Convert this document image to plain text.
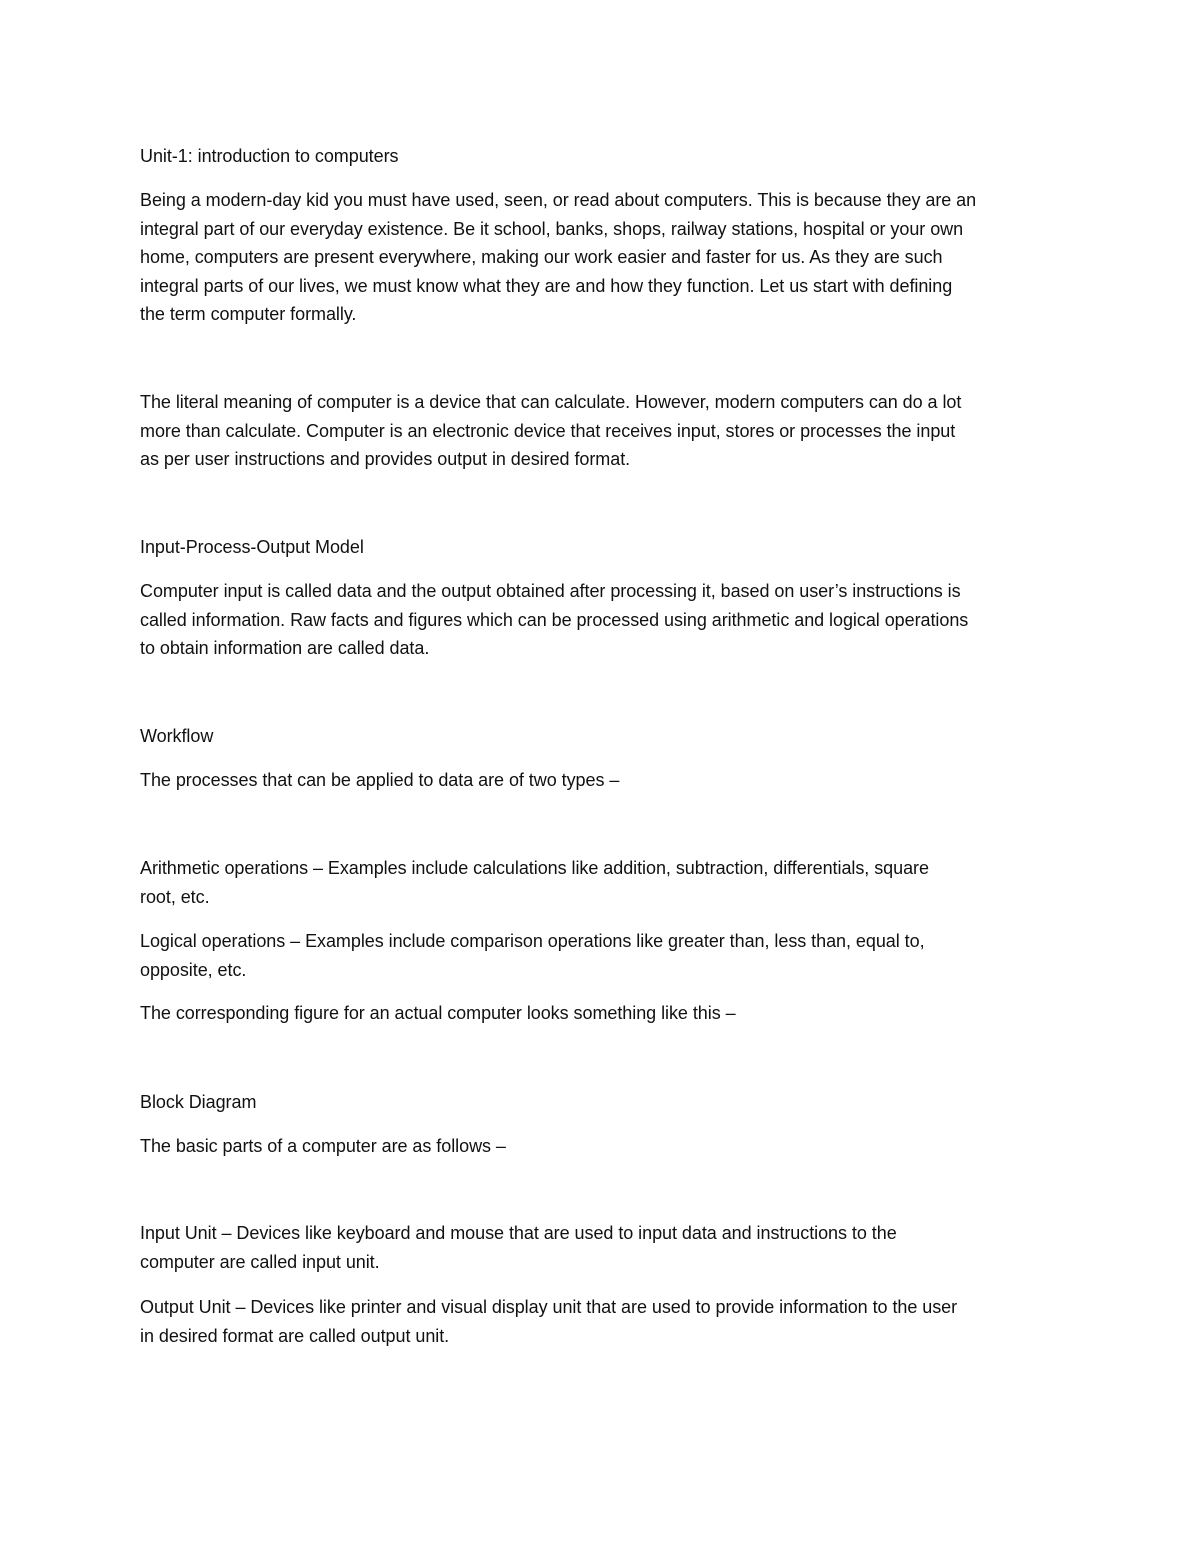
Unit-1: introduction to computers
Being a modern-day kid you must have used, seen, or read about computers. This is because they are an
integral part of our everyday existence. Be it school, banks, shops, railway stations, hospital or your own
home, computers are present everywhere, making our work easier and faster for us. As they are such
integral parts of our lives, we must know what they are and how they function. Let us start with defining
the term computer formally.
The literal meaning of computer is a device that can calculate. However, modern computers can do a lot
more than calculate. Computer is an electronic device that receives input, stores or processes the input
as per user instructions and provides output in desired format.
Input-Process-Output Model
Computer input is called data and the output obtained after processing it, based on user’s instructions is
called information. Raw facts and figures which can be processed using arithmetic and logical operations
to obtain information are called data.
Workflow
The processes that can be applied to data are of two types –
Arithmetic operations – Examples include calculations like addition, subtraction, differentials, square
root, etc.
Logical operations – Examples include comparison operations like greater than, less than, equal to,
opposite, etc.
The corresponding figure for an actual computer looks something like this –
Block Diagram
The basic parts of a computer are as follows –
Input Unit – Devices like keyboard and mouse that are used to input data and instructions to the
computer are called input unit.
Output Unit – Devices like printer and visual display unit that are used to provide information to the user
in desired format are called output unit.
